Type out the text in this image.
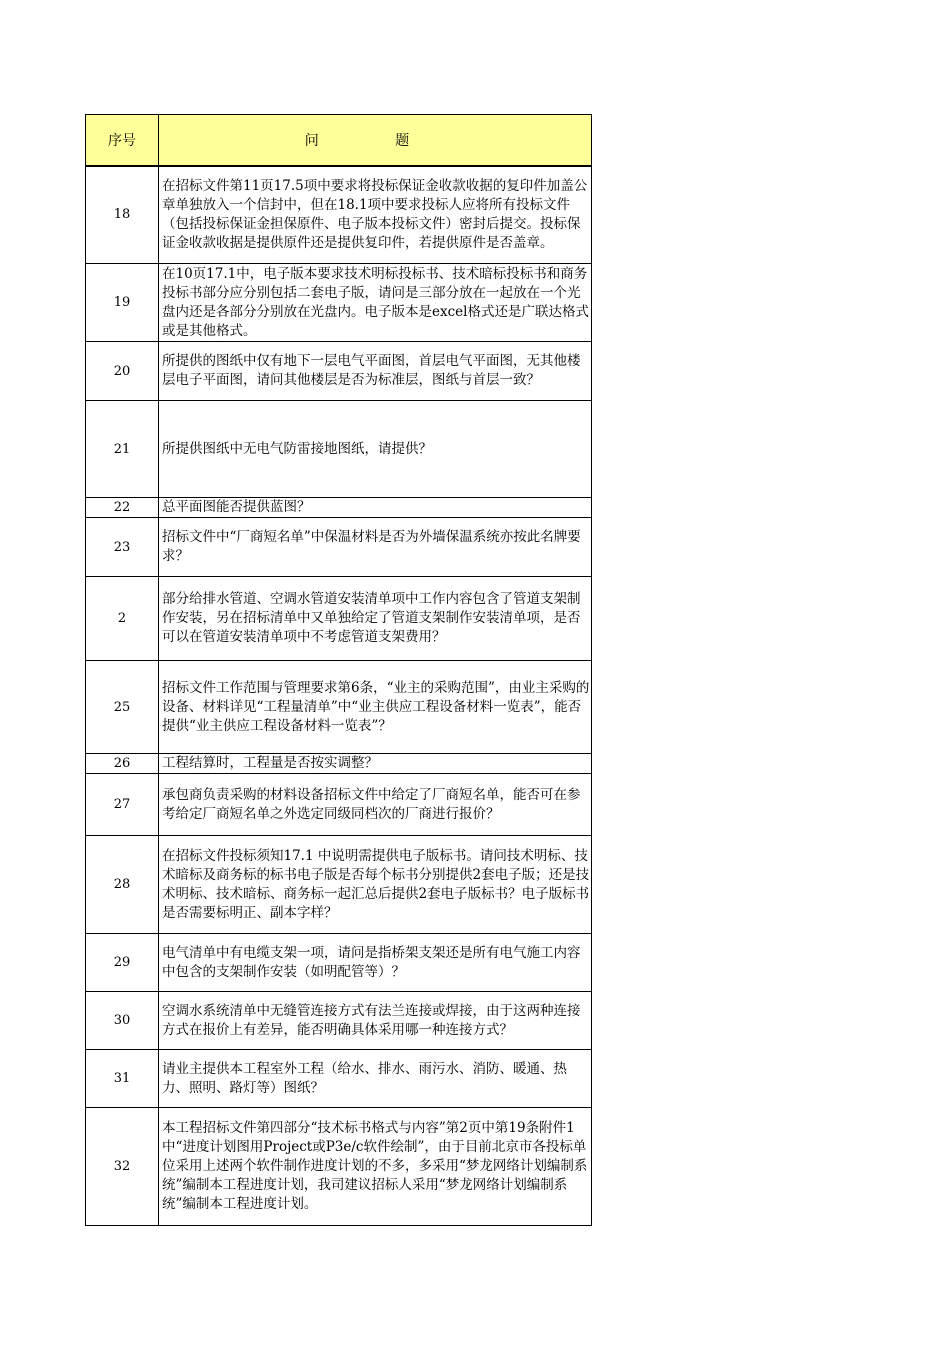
序号	问 题
18	在招标文件第11页17.5项中要求将投标保证金收款收据的复印件加盖公章单独放入一个信封中，但在18.1项中要求投标人应将所有投标文件（包括投标保证金担保原件、电子版本投标文件）密封后提交。投标保证金收款收据是提供原件还是提供复印件，若提供原件是否盖章。
19	在10页17.1中，电子版本要求技术明标投标书、技术暗标投标书和商务投标书部分应分别包括二套电子版，请问是三部分放在一起放在一个光盘内还是各部分分别放在光盘内。电子版本是excel格式还是广联达格式或是其他格式。
20	所提供的图纸中仅有地下一层电气平面图，首层电气平面图，无其他楼层电子平面图，请问其他楼层是否为标准层，图纸与首层一致？
21	所提供图纸中无电气防雷接地图纸，请提供？
22	总平面图能否提供蓝图？
23	招标文件中“厂商短名单”中保温材料是否为外墙保温系统亦按此名牌要求？
2	部分给排水管道、空调水管道安装清单项中工作内容包含了管道支架制作安装，另在招标清单中又单独给定了管道支架制作安装清单项，是否可以在管道安装清单项中不考虑管道支架费用？
25	招标文件工作范围与管理要求第6条，“业主的采购范围”，由业主采购的设备、材料详见“工程量清单”中“业主供应工程设备材料一览表”，能否提供“业主供应工程设备材料一览表”？
26	工程结算时，工程量是否按实调整？
27	承包商负责采购的材料设备招标文件中给定了厂商短名单，能否可在参考给定厂商短名单之外选定同级同档次的厂商进行报价？
28	在招标文件投标须知17.1 中说明需提供电子版标书。请问技术明标、技术暗标及商务标的标书电子版是否每个标书分别提供2套电子版；还是技术明标、技术暗标、商务标一起汇总后提供2套电子版标书？电子版标书是否需要标明正、副本字样？
29	电气清单中有电缆支架一项，请问是指桥架支架还是所有电气施工内容中包含的支架制作安装（如明配管等）？
30	空调水系统清单中无缝管连接方式有法兰连接或焊接，由于这两种连接方式在报价上有差异，能否明确具体采用哪一种连接方式？
31	请业主提供本工程室外工程（给水、排水、雨污水、消防、暖通、热力、照明、路灯等）图纸？
32	本工程招标文件第四部分“技术标书格式与内容”第2页中第19条附件1中“进度计划图用Project或P3e/c软件绘制”，由于目前北京市各投标单位采用上述两个软件制作进度计划的不多，多采用“梦龙网络计划编制系统”编制本工程进度计划，我司建议招标人采用“梦龙网络计划编制系统”编制本工程进度计划。
